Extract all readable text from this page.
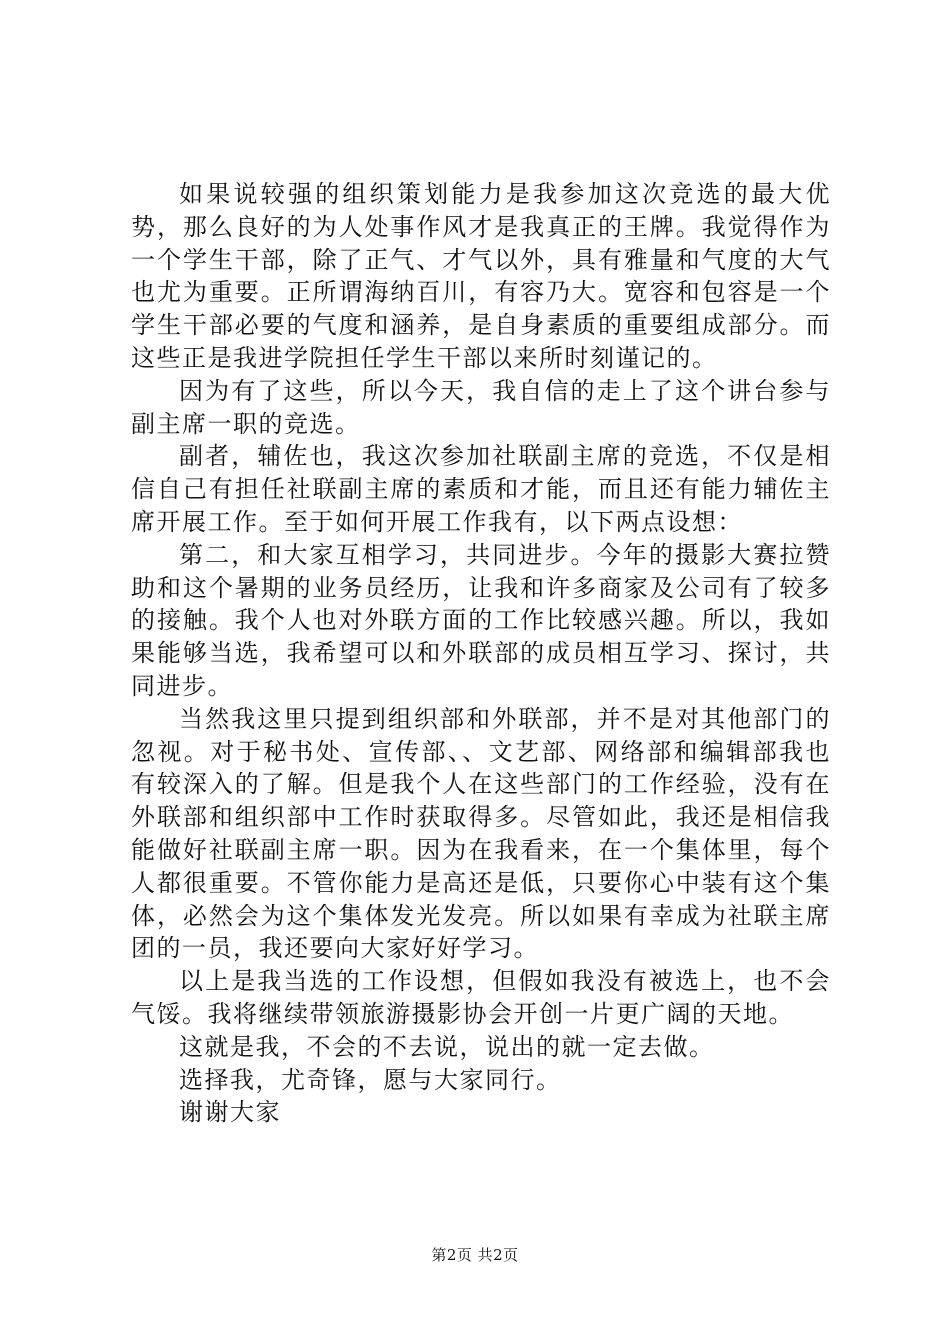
如果说较强的组织策划能力是我参加这次竞选的最大优势，那么良好的为人处事作风才是我真正的王牌。我觉得作为一个学生干部，除了正气、才气以外，具有雅量和气度的大气也尤为重要。正所谓海纳百川，有容乃大。宽容和包容是一个学生干部必要的气度和涵养，是自身素质的重要组成部分。而这些正是我进学院担任学生干部以来所时刻谨记的。

因为有了这些，所以今天，我自信的走上了这个讲台参与副主席一职的竞选。

副者，辅佐也，我这次参加社联副主席的竞选，不仅是相信自己有担任社联副主席的素质和才能，而且还有能力辅佐主席开展工作。至于如何开展工作我有，以下两点设想：

第二，和大家互相学习，共同进步。今年的摄影大赛拉赞助和这个暑期的业务员经历，让我和许多商家及公司有了较多的接触。我个人也对外联方面的工作比较感兴趣。所以，我如果能够当选，我希望可以和外联部的成员相互学习、探讨，共同进步。

当然我这里只提到组织部和外联部，并不是对其他部门的忽视。对于秘书处、宣传部、、文艺部、网络部和编辑部我也有较深入的了解。但是我个人在这些部门的工作经验，没有在外联部和组织部中工作时获取得多。尽管如此，我还是相信我能做好社联副主席一职。因为在我看来，在一个集体里，每个人都很重要。不管你能力是高还是低，只要你心中装有这个集体，必然会为这个集体发光发亮。所以如果有幸成为社联主席团的一员，我还要向大家好好学习。

以上是我当选的工作设想，但假如我没有被选上，也不会气馁。我将继续带领旅游摄影协会开创一片更广阔的天地。

这就是我，不会的不去说，说出的就一定去做。

选择我，尤奇锋，愿与大家同行。

谢谢大家

第2页 共2页
